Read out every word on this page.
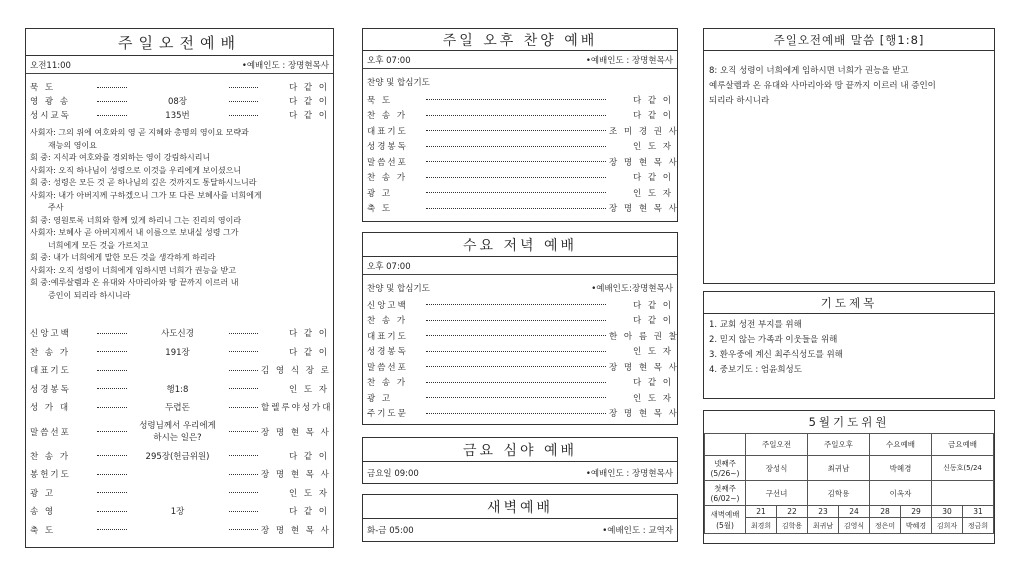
주일오전예배
오전11:00	•예배인도 : 장명현목사
묵 도	다 같 이
영 광 송	08장	다 같 이
성시교독	135번	다 같 이
사회자: 그의 위에 여호와의 영 곧 지혜와 총명의 영이요 모략과
재능의 영이요
회 중: 지식과 여호와를 경외하는 영이 강림하시리니
사회자: 오직 하나님이 성령으로 이것을 우리에게 보이셨으니
회 중: 성령은 모든 것 곧 하나님의 깊은 것까지도 통달하시느니라
사회자: 내가 아버지께 구하겠으니 그가 또 다른 보혜사를 너희에게
주사
회 중: 영원토록 너희와 함께 있게 하리니 그는 진리의 영이라
사회자: 보혜사 곧 아버지께서 내 이름으로 보내실 성령 그가
너희에게 모든 것을 가르치고
회 중: 내가 너희에게 말한 모든 것을 생각하게 하리라
사회자: 오직 성령이 너희에게 임하시면 너희가 권능을 받고
회 중:예루살렘과 온 유대와 사마리아와 땅 끝까지 이르러 내
증인이 되리라 하시니라
신앙고백	사도신경	다 같 이
찬 송 가	191장	다 같 이
대표기도	김 영 식 장 로
성경봉독	행1:8	인 도 자
성 가 대	두렵돈	할렐루야성가대
말씀선포
성령님께서 우리에게
하시는 일은?	장 명 현 목 사
찬 송 가	295장(헌금위원)	다 같 이
봉헌기도	장 명 현 목 사
광 고	인 도 자
송 영	1장	다 같 이
축 도	장 명 현 목 사
주일 오후 찬양 예배
오후 07:00	•예배인도 : 장명현목사
찬양 및 합심기도
묵 도	다 같 이
찬 송 가	다 같 이
대표기도	조 미 경 권 사
성경봉독	인 도 자
말씀선포	장 명 현 목 사
찬 송 가	다 같 이
광 고	인 도 자
축 도	장 명 현 목 사
수요 저녁 예배
오후 07:00
찬양 및 합심기도	•예배인도:장명현목사
신앙고백	다 같 이
찬 송 가	다 같 이
대표기도	한 아 름 권 찰
성경봉독	인 도 자
말씀선포	장 명 현 목 사
찬 송 가	다 같 이
광 고	인 도 자
주기도문	장 명 현 목 사
금요 심야 예배
금요일 09:00	•예배인도 : 장명현목사
새벽예배
화-금 05:00	•예배인도 : 교역자
주일오전예배 말씀 [행1:8]
8: 오직 성령이 너희에게 임하시면 너희가 권능을 받고
예루살렘과 온 유대와 사마리아와 땅 끝까지 이르러 내 증인이
되리라 하시니라
기도제목
1. 교회 성전 부지를 위해
2. 믿지 않는 가족과 이웃들을 위해
3. 환우중에 계신 최주식성도를 위해
4. 중보기도 : 엄윤희성도
5월기도위원
	주일오전		주일오후		수요예배		금요예배	
넷째주
(5/26~)	장성식		최귀남		박혜경		신동호(5/24	
첫째주
(6/02~)	구선녀		김학용		이옥자			
새벽예배
(5월)	21	22	23	24	28	29	30	31
	최경희	김학용	최귀남	김영식	정은미	박혜경	김희자	정금희
